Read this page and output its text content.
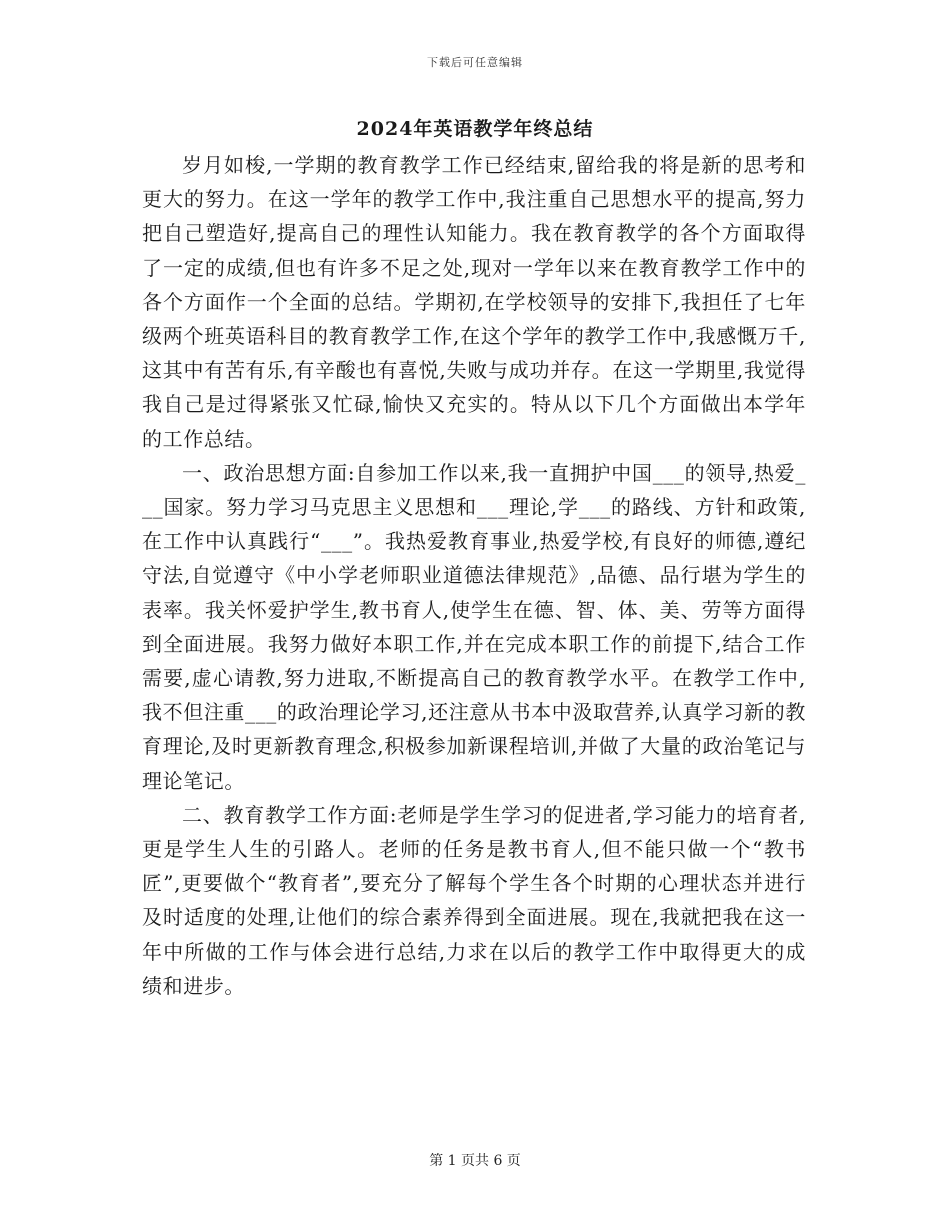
下载后可任意编辑
2024年英语教学年终总结

岁月如梭,一学期的教育教学工作已经结束,留给我的将是新的思考和更大的努力。在这一学年的教学工作中,我注重自己思想水平的提高,努力把自己塑造好,提高自己的理性认知能力。我在教育教学的各个方面取得了一定的成绩,但也有许多不足之处,现对一学年以来在教育教学工作中的各个方面作一个全面的总结。学期初,在学校领导的安排下,我担任了七年级两个班英语科目的教育教学工作,在这个学年的教学工作中,我感慨万千,这其中有苦有乐,有辛酸也有喜悦,失败与成功并存。在这一学期里,我觉得我自己是过得紧张又忙碌,愉快又充实的。特从以下几个方面做出本学年的工作总结。

一、政治思想方面:自参加工作以来,我一直拥护中国___的领导,热爱___国家。努力学习马克思主义思想和___理论,学___的路线、方针和政策,在工作中认真践行“___”。我热爱教育事业,热爱学校,有良好的师德,遵纪守法,自觉遵守《中小学老师职业道德法律规范》,品德、品行堪为学生的表率。我关怀爱护学生,教书育人,使学生在德、智、体、美、劳等方面得到全面进展。我努力做好本职工作,并在完成本职工作的前提下,结合工作需要,虚心请教,努力进取,不断提高自己的教育教学水平。在教学工作中,我不但注重___的政治理论学习,还注意从书本中汲取营养,认真学习新的教育理论,及时更新教育理念,积极参加新课程培训,并做了大量的政治笔记与理论笔记。

二、教育教学工作方面:老师是学生学习的促进者,学习能力的培育者,更是学生人生的引路人。老师的任务是教书育人,但不能只做一个“教书匠”,更要做个“教育者”,要充分了解每个学生各个时期的心理状态并进行及时适度的处理,让他们的综合素养得到全面进展。现在,我就把我在这一年中所做的工作与体会进行总结,力求在以后的教学工作中取得更大的成绩和进步。

第 1 页共 6 页
